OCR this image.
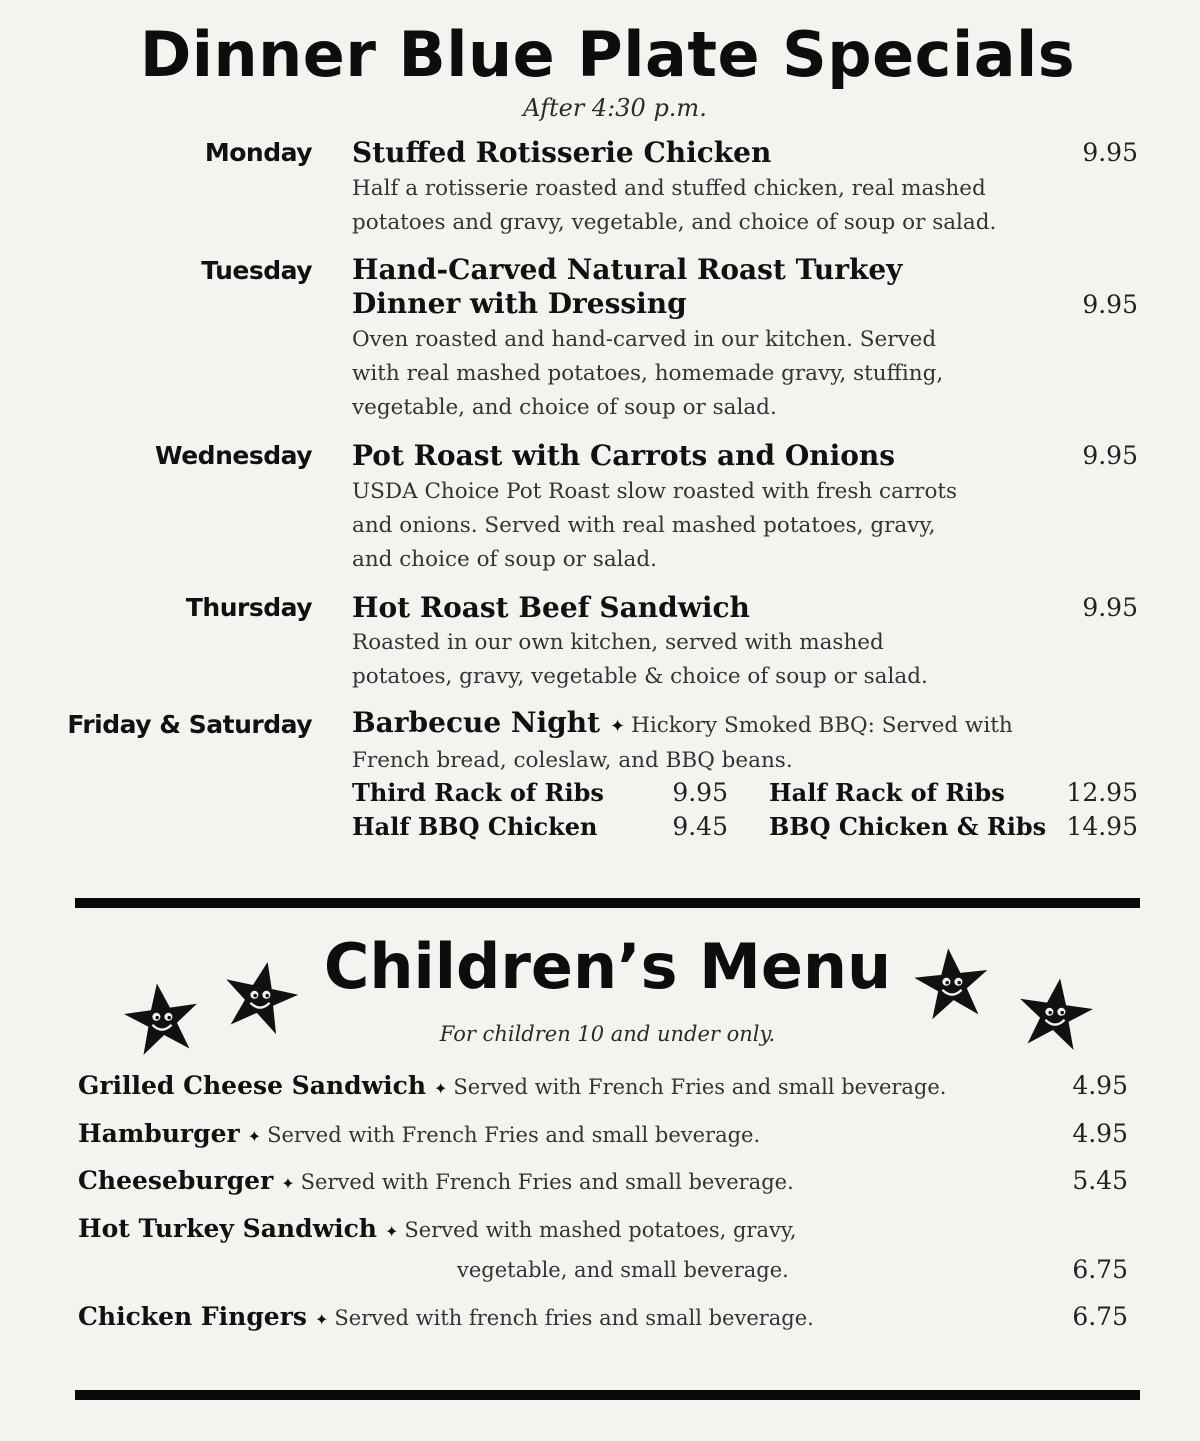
Dinner Blue Plate Specials
After 4:30 p.m.
Monday Stuffed Rotisserie Chicken	9.95
Half a rotisserie roasted and stuffed chicken, real mashed
potatoes and gravy, vegetable, and choice of soup or salad.
Tuesday Hand-Carved Natural Roast Turkey
Dinner with Dressing	9.95
Oven roasted and hand-carved in our kitchen. Served
with real mashed potatoes, homemade gravy, stuffing,
vegetable, and choice of soup or salad.
Wednesday Pot Roast with Carrots and Onions	9.95
USDA Choice Pot Roast slow roasted with fresh carrots
and onions. Served with real mashed potatoes, gravy,
and choice of soup or salad.
Thursday Hot Roast Beef Sandwich	9.95
Roasted in our own kitchen, served with mashed
potatoes, gravy, vegetable & choice of soup or salad.
Friday & Saturday Barbecue Night ✦ Hickory Smoked BBQ: Served with
French bread, coleslaw, and BBQ beans.
Third Rack of Ribs	9.95 Half Rack of Ribs	12.95
Half BBQ Chicken	9.45 BBQ Chicken & Ribs 14.95
Children’s Menu
For children 10 and under only.
Grilled Cheese Sandwich ✦ Served with French Fries and small beverage.	4.95
Hamburger ✦ Served with French Fries and small beverage.	4.95
Cheeseburger ✦ Served with French Fries and small beverage.	5.45
Hot Turkey Sandwich ✦ Served with mashed potatoes, gravy,
vegetable, and small beverage.	6.75
Chicken Fingers ✦ Served with french fries and small beverage.	6.75
